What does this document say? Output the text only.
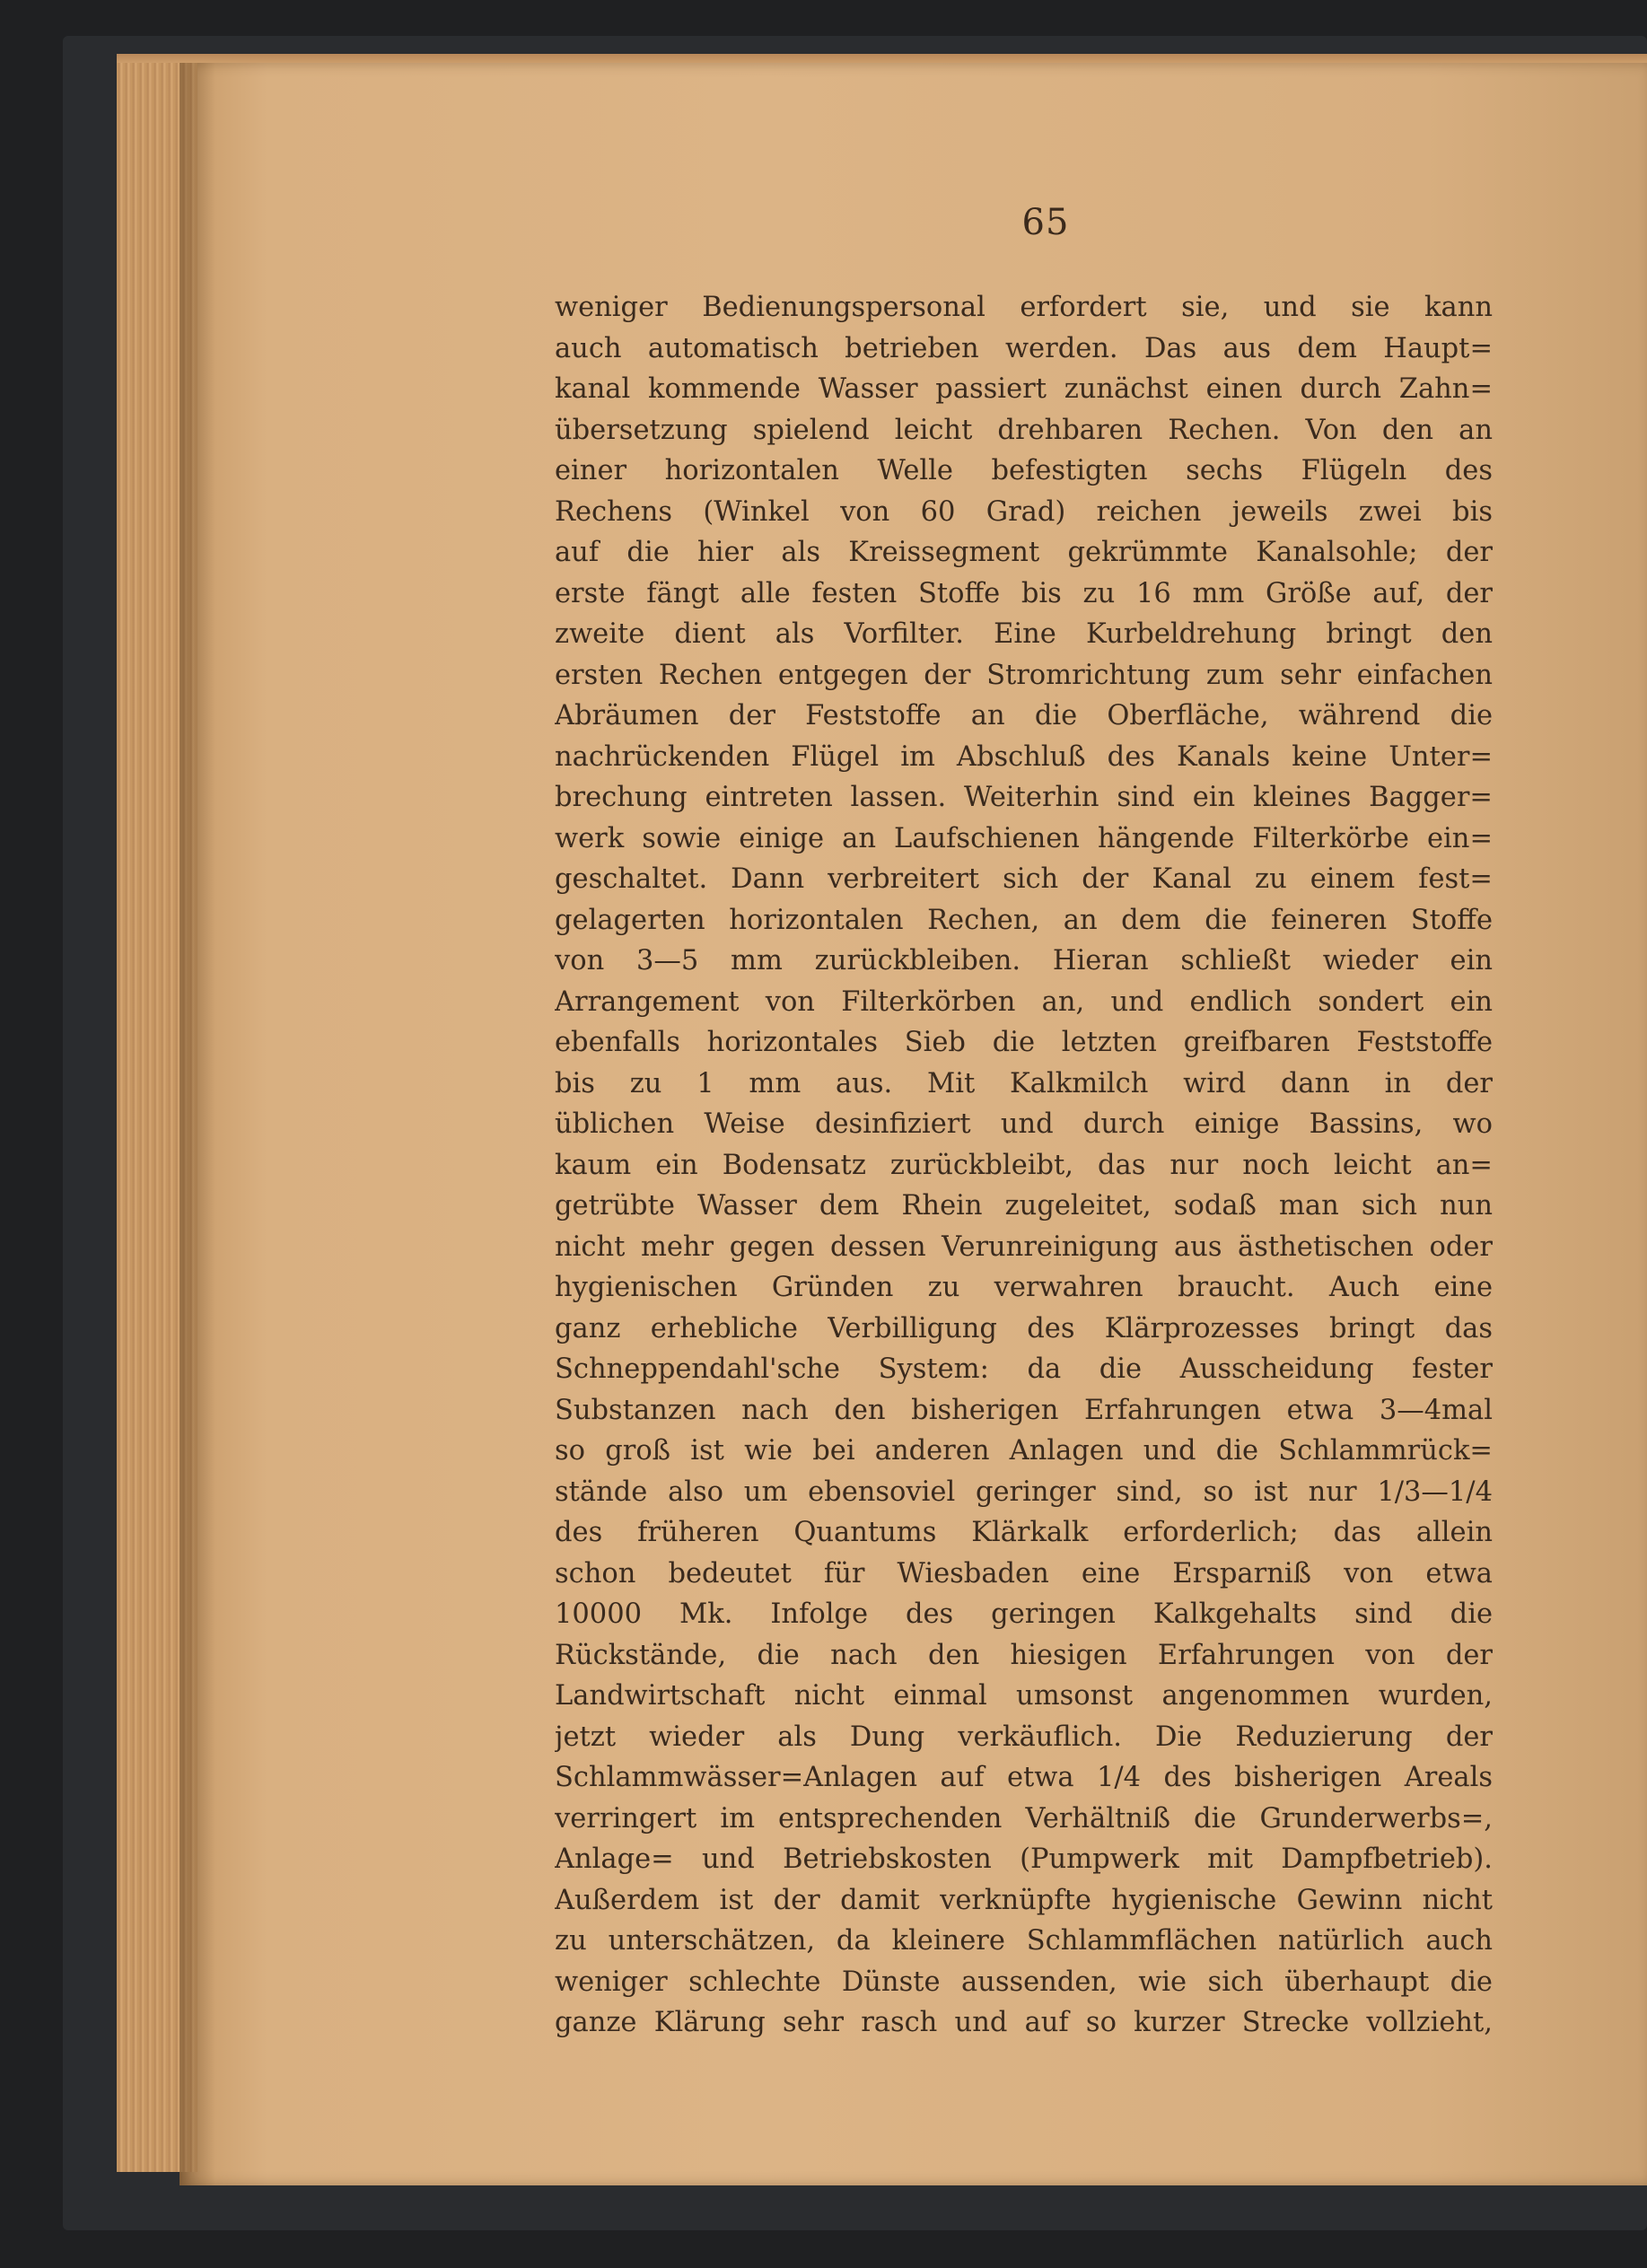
65
weniger Bedienungspersonal erfordert sie, und sie kann
auch automatisch betrieben werden. Das aus dem Haupt=
kanal kommende Wasser passiert zunächst einen durch Zahn=
übersetzung spielend leicht drehbaren Rechen. Von den an
einer horizontalen Welle befestigten sechs Flügeln des
Rechens (Winkel von 60 Grad) reichen jeweils zwei bis
auf die hier als Kreissegment gekrümmte Kanalsohle; der
erste fängt alle festen Stoffe bis zu 16 mm Größe auf, der
zweite dient als Vorfilter. Eine Kurbeldrehung bringt den
ersten Rechen entgegen der Stromrichtung zum sehr einfachen
Abräumen der Feststoffe an die Oberfläche, während die
nachrückenden Flügel im Abschluß des Kanals keine Unter=
brechung eintreten lassen. Weiterhin sind ein kleines Bagger=
werk sowie einige an Laufschienen hängende Filterkörbe ein=
geschaltet. Dann verbreitert sich der Kanal zu einem fest=
gelagerten horizontalen Rechen, an dem die feineren Stoffe
von 3—5 mm zurückbleiben. Hieran schließt wieder ein
Arrangement von Filterkörben an, und endlich sondert ein
ebenfalls horizontales Sieb die letzten greifbaren Feststoffe
bis zu 1 mm aus. Mit Kalkmilch wird dann in der
üblichen Weise desinfiziert und durch einige Bassins, wo
kaum ein Bodensatz zurückbleibt, das nur noch leicht an=
getrübte Wasser dem Rhein zugeleitet, sodaß man sich nun
nicht mehr gegen dessen Verunreinigung aus ästhetischen oder
hygienischen Gründen zu verwahren braucht. Auch eine
ganz erhebliche Verbilligung des Klärprozesses bringt das
Schneppendahl'sche System: da die Ausscheidung fester
Substanzen nach den bisherigen Erfahrungen etwa 3—4mal
so groß ist wie bei anderen Anlagen und die Schlammrück=
stände also um ebensoviel geringer sind, so ist nur 1/3—1/4
des früheren Quantums Klärkalk erforderlich; das allein
schon bedeutet für Wiesbaden eine Ersparniß von etwa
10000 Mk. Infolge des geringen Kalkgehalts sind die
Rückstände, die nach den hiesigen Erfahrungen von der
Landwirtschaft nicht einmal umsonst angenommen wurden,
jetzt wieder als Dung verkäuflich. Die Reduzierung der
Schlammwässer=Anlagen auf etwa 1/4 des bisherigen Areals
verringert im entsprechenden Verhältniß die Grunderwerbs=,
Anlage= und Betriebskosten (Pumpwerk mit Dampfbetrieb).
Außerdem ist der damit verknüpfte hygienische Gewinn nicht
zu unterschätzen, da kleinere Schlammflächen natürlich auch
weniger schlechte Dünste aussenden, wie sich überhaupt die
ganze Klärung sehr rasch und auf so kurzer Strecke vollzieht,
